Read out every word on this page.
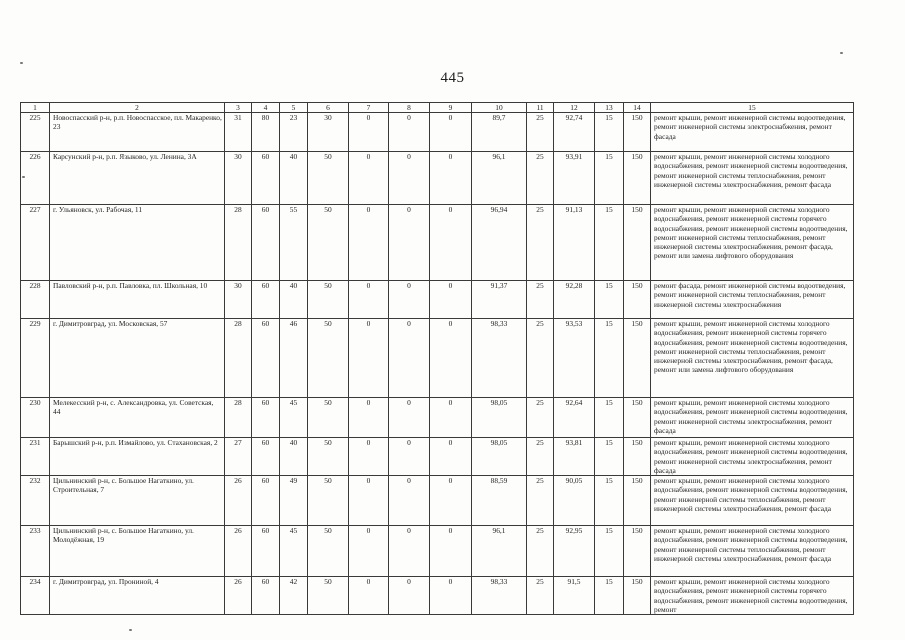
445
1	2	3	4	5	6	7	8	9	10	11	12	13	14	15
225	Новоспасский р-н, р.п. Новоспасское, пл. Макаренко, 23	31	80	23	30	0	0	0	89,7	25	92,74	15	150	ремонт крыши, ремонт инженерной системы водоотведения, ремонт инженерной системы электроснабжения, ремонт фасада
226	Карсунский р-н, р.п. Языково, ул. Ленина, 3А	30	60	40	50	0	0	0	96,1	25	93,91	15	150	ремонт крыши, ремонт инженерной системы холодного водоснабжения, ремонт инженерной системы водоотведения, ремонт инженерной системы теплоснабжения, ремонт инженерной системы электроснабжения, ремонт фасада
227	г. Ульяновск, ул. Рабочая, 11	28	60	55	50	0	0	0	96,94	25	91,13	15	150	ремонт крыши, ремонт инженерной системы холодного водоснабжения, ремонт инженерной системы горячего водоснабжения, ремонт инженерной системы водоотведения, ремонт инженерной системы теплоснабжения, ремонт инженерной системы электроснабжения, ремонт фасада, ремонт или замена лифтового оборудования
228	Павловский р-н, р.п. Павловка, пл. Школьная, 10	30	60	40	50	0	0	0	91,37	25	92,28	15	150	ремонт фасада, ремонт инженерной системы водоотведения, ремонт инженерной системы теплоснабжения, ремонт инженерной системы электроснабжения
229	г. Димитровград, ул. Московская, 57	28	60	46	50	0	0	0	98,33	25	93,53	15	150	ремонт крыши, ремонт инженерной системы холодного водоснабжения, ремонт инженерной системы горячего водоснабжения, ремонт инженерной системы водоотведения, ремонт инженерной системы теплоснабжения, ремонт инженерной системы электроснабжения, ремонт фасада, ремонт или замена лифтового оборудования
230	Мелекесский р-н, с. Александровка, ул. Советская, 44	28	60	45	50	0	0	0	98,05	25	92,64	15	150	ремонт крыши, ремонт инженерной системы холодного водоснабжения, ремонт инженерной системы водоотведения, ремонт инженерной системы электроснабжения, ремонт фасада
231	Барышский р-н, р.п. Измайлово, ул. Стахановская, 2	27	60	40	50	0	0	0	98,05	25	93,81	15	150	ремонт крыши, ремонт инженерной системы холодного водоснабжения, ремонт инженерной системы водоотведения, ремонт инженерной системы электроснабжения, ремонт фасада
232	Цильнинский р-н, с. Большое Нагаткино, ул. Строительная, 7	26	60	49	50	0	0	0	88,59	25	90,05	15	150	ремонт крыши, ремонт инженерной системы холодного водоснабжения, ремонт инженерной системы водоотведения, ремонт инженерной системы теплоснабжения, ремонт инженерной системы электроснабжения, ремонт фасада
233	Цильнинский р-н, с. Большое Нагаткино, ул. Молодёжная, 19	26	60	45	50	0	0	0	96,1	25	92,95	15	150	ремонт крыши, ремонт инженерной системы холодного водоснабжения, ремонт инженерной системы водоотведения, ремонт инженерной системы теплоснабжения, ремонт инженерной системы электроснабжения, ремонт фасада
234	г. Димитровград, ул. Прониной, 4	26	60	42	50	0	0	0	98,33	25	91,5	15	150	ремонт крыши, ремонт инженерной системы холодного водоснабжения, ремонт инженерной системы горячего водоснабжения, ремонт инженерной системы водоотведения, ремонт
